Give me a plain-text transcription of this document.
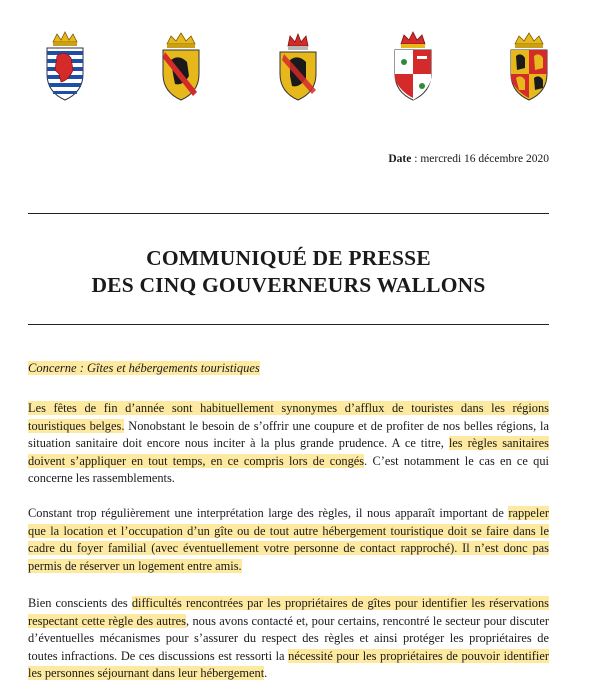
Date : mercredi 16 décembre 2020
COMMUNIQUÉ DE PRESSE
DES CINQ GOUVERNEURS WALLONS
Concerne : Gîtes et hébergements touristiques
Les fêtes de fin d’année sont habituellement synonymes d’afflux de touristes dans les régions touristiques belges. Nonobstant le besoin de s’offrir une coupure et de profiter de nos belles régions, la situation sanitaire doit encore nous inciter à la plus grande prudence. A ce titre, les règles sanitaires doivent s’appliquer en tout temps, en ce compris lors de congés. C’est notamment le cas en ce qui concerne les rassemblements.
Constant trop régulièrement une interprétation large des règles, il nous apparaît important de rappeler que la location et l’occupation d’un gîte ou de tout autre hébergement touristique doit se faire dans le cadre du foyer familial (avec éventuellement votre personne de contact rapproché). Il n’est donc pas permis de réserver un logement entre amis.
Bien conscients des difficultés rencontrées par les propriétaires de gîtes pour identifier les réservations respectant cette règle des autres, nous avons contacté et, pour certains, rencontré le secteur pour discuter d’éventuelles mécanismes pour s’assurer du respect des règles et ainsi protéger les propriétaires de toutes infractions. De ces discussions est ressorti la nécessité pour les propriétaires de pouvoir identifier les personnes séjournant dans leur hébergement.
